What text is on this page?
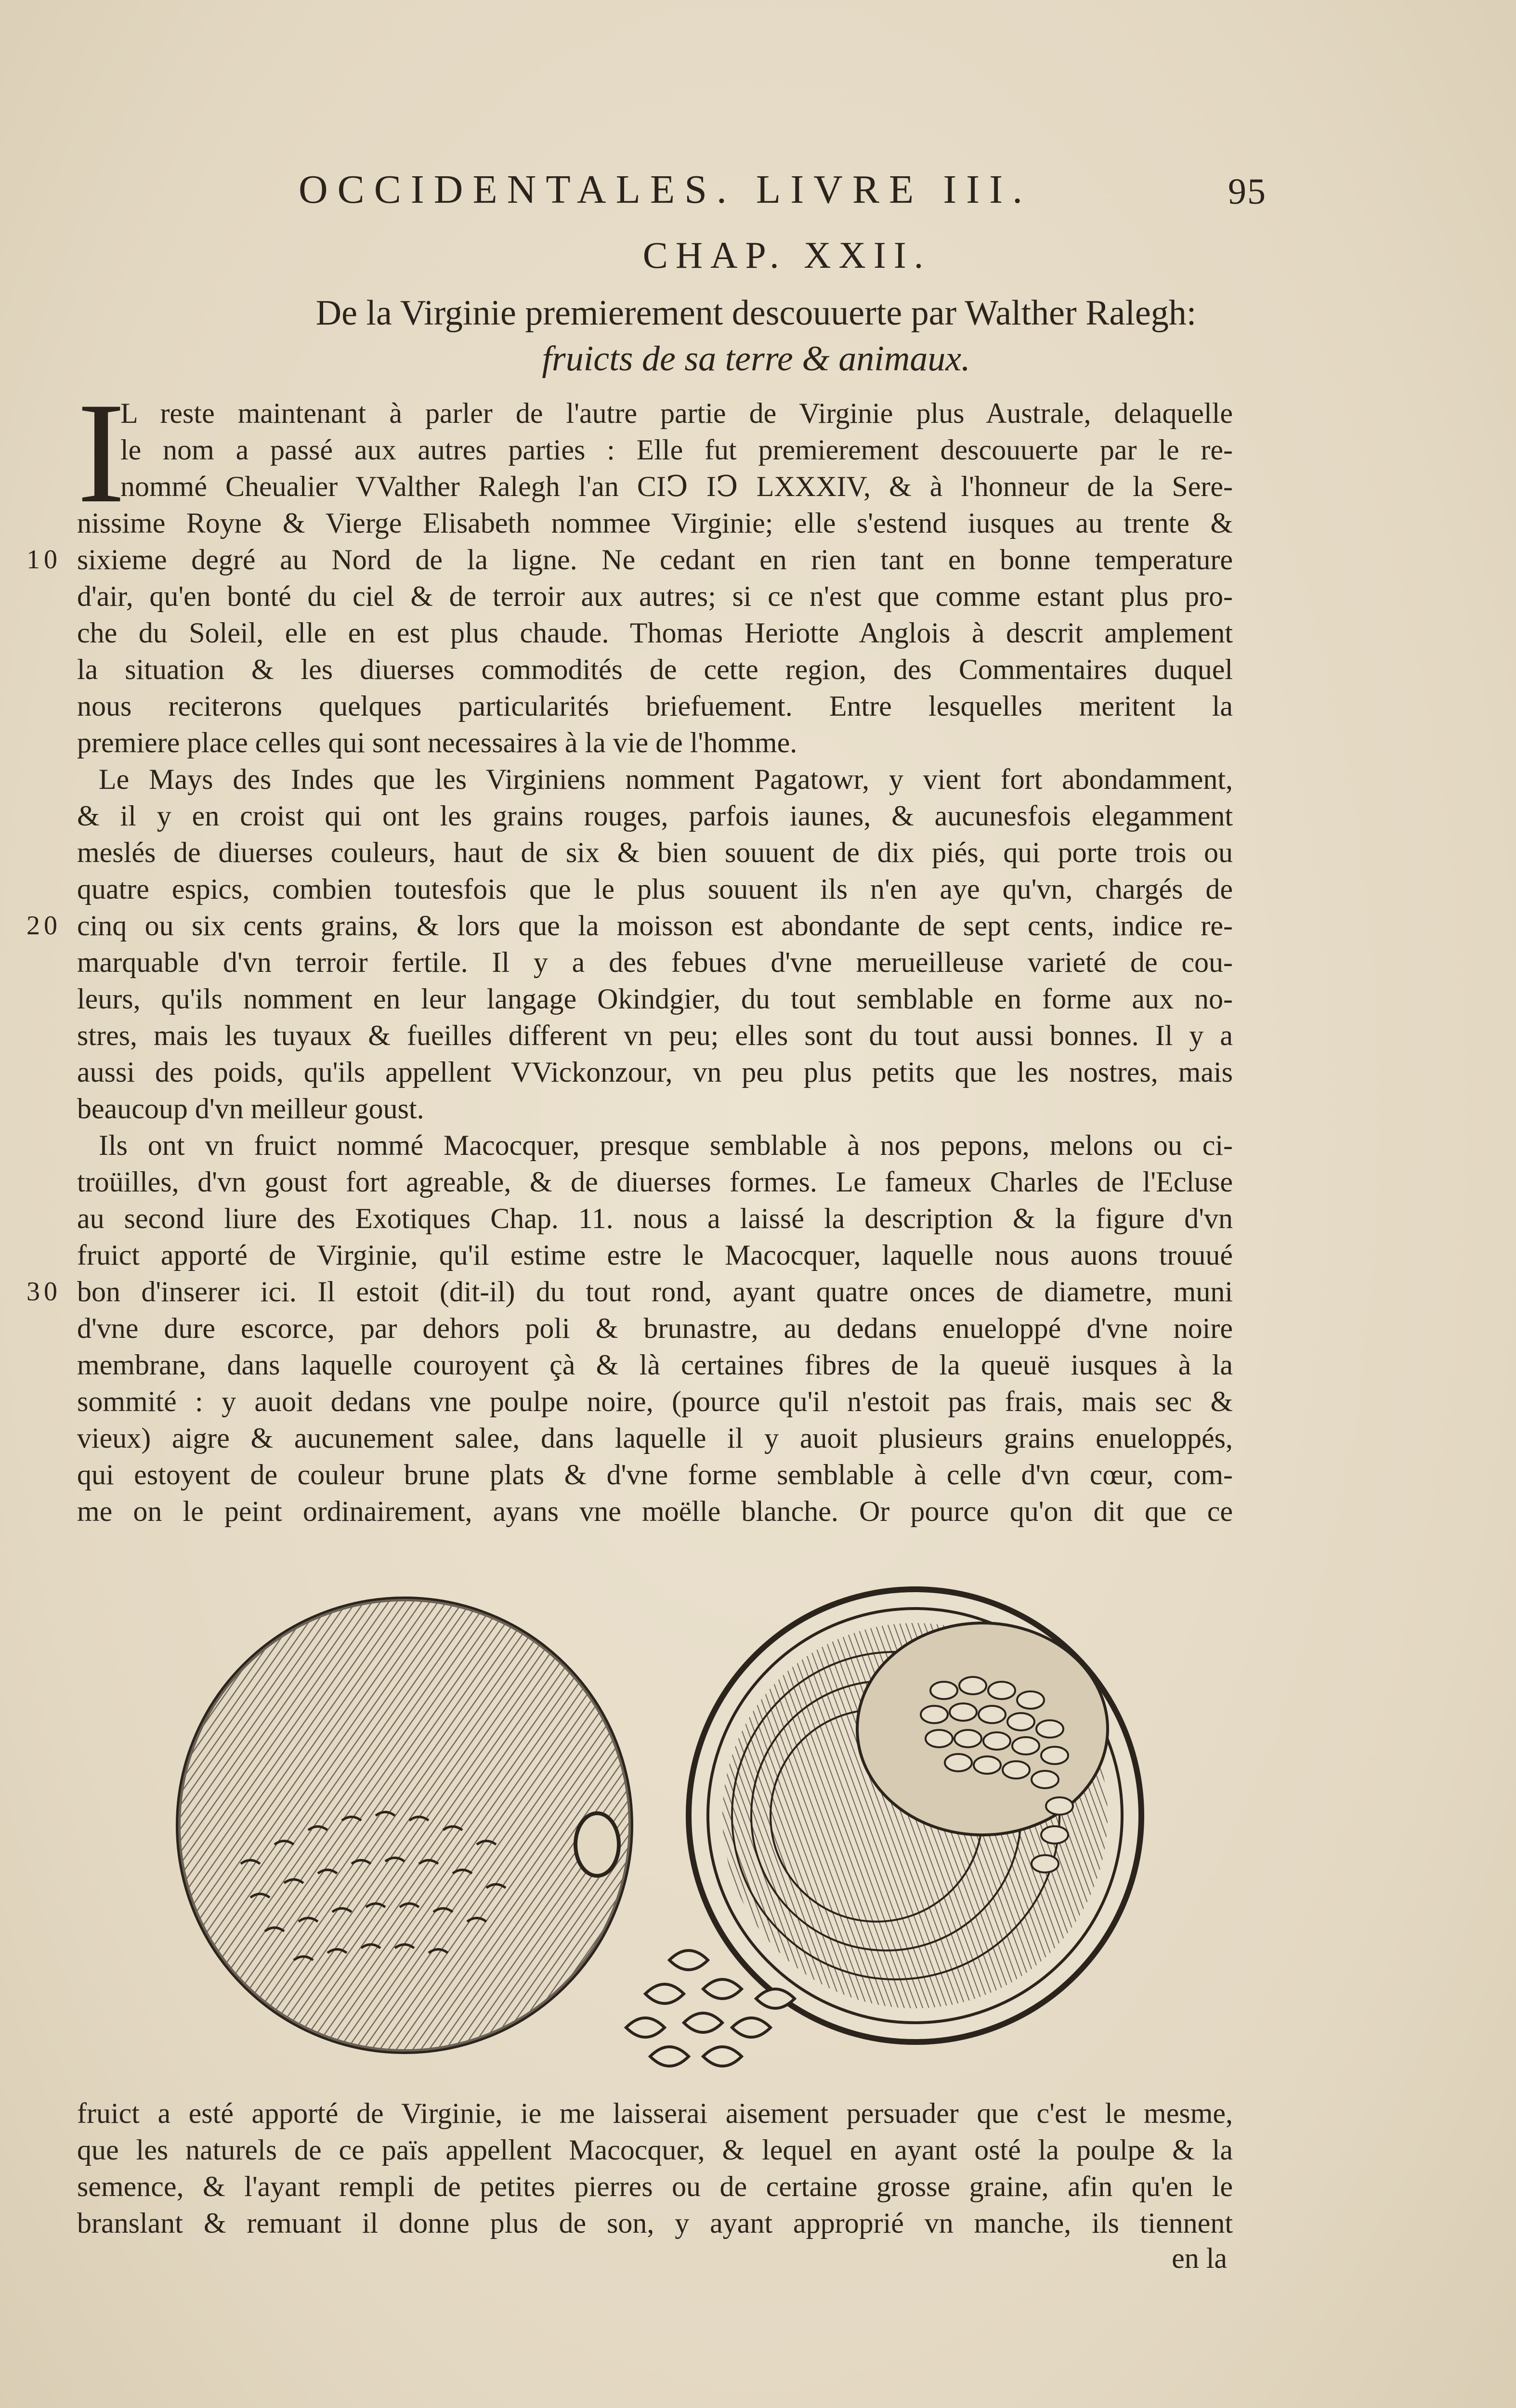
OCCIDENTALES. LIVRE III.	95
CHAP. XXII.
De la Virginie premierement descouuerte par Walther Ralegh:
fruicts de sa terre & animaux.
I
L reste maintenant à parler de l'autre partie de Virginie plus Australe, delaquelle
le nom a passé aux autres parties : Elle fut premierement descouuerte par le re-
nommé Cheualier VValther Ralegh l'an CIↃ IↃ LXXXIV, & à l'honneur de la Sere-
nissime Royne & Vierge Elisabeth nommee Virginie; elle s'estend iusques au trente &
10 sixieme degré au Nord de la ligne. Ne cedant en rien tant en bonne temperature
d'air, qu'en bonté du ciel & de terroir aux autres; si ce n'est que comme estant plus pro-
che du Soleil, elle en est plus chaude. Thomas Heriotte Anglois à descrit amplement
la situation & les diuerses commodités de cette region, des Commentaires duquel
nous reciterons quelques particularités briefuement. Entre lesquelles meritent la
premiere place celles qui sont necessaires à la vie de l'homme.
Le Mays des Indes que les Virginiens nomment Pagatowr, y vient fort abondamment,
& il y en croist qui ont les grains rouges, parfois iaunes, & aucunesfois elegamment
meslés de diuerses couleurs, haut de six & bien souuent de dix piés, qui porte trois ou
quatre espics, combien toutesfois que le plus souuent ils n'en aye qu'vn, chargés de
20 cinq ou six cents grains, & lors que la moisson est abondante de sept cents, indice re-
marquable d'vn terroir fertile. Il y a des febues d'vne merueilleuse varieté de cou-
leurs, qu'ils nomment en leur langage Okindgier, du tout semblable en forme aux no-
stres, mais les tuyaux & fueilles different vn peu; elles sont du tout aussi bonnes. Il y a
aussi des poids, qu'ils appellent VVickonzour, vn peu plus petits que les nostres, mais
beaucoup d'vn meilleur goust.
Ils ont vn fruict nommé Macocquer, presque semblable à nos pepons, melons ou ci-
troüilles, d'vn goust fort agreable, & de diuerses formes. Le fameux Charles de l'Ecluse
au second liure des Exotiques Chap. 11. nous a laissé la description & la figure d'vn
fruict apporté de Virginie, qu'il estime estre le Macocquer, laquelle nous auons trouué
30 bon d'inserer ici. Il estoit (dit-il) du tout rond, ayant quatre onces de diametre, muni
d'vne dure escorce, par dehors poli & brunastre, au dedans enueloppé d'vne noire
membrane, dans laquelle couroyent çà & là certaines fibres de la queuë iusques à la
sommité : y auoit dedans vne poulpe noire, (pource qu'il n'estoit pas frais, mais sec &
vieux) aigre & aucunement salee, dans laquelle il y auoit plusieurs grains enueloppés,
qui estoyent de couleur brune plats & d'vne forme semblable à celle d'vn cœur, com-
me on le peint ordinairement, ayans vne moëlle blanche. Or pource qu'on dit que ce
fruict a esté apporté de Virginie, ie me laisserai aisement persuader que c'est le mesme,
que les naturels de ce païs appellent Macocquer, & lequel en ayant osté la poulpe & la
semence, & l'ayant rempli de petites pierres ou de certaine grosse graine, afin qu'en le
branslant & remuant il donne plus de son, y ayant approprié vn manche, ils tiennent
en la
